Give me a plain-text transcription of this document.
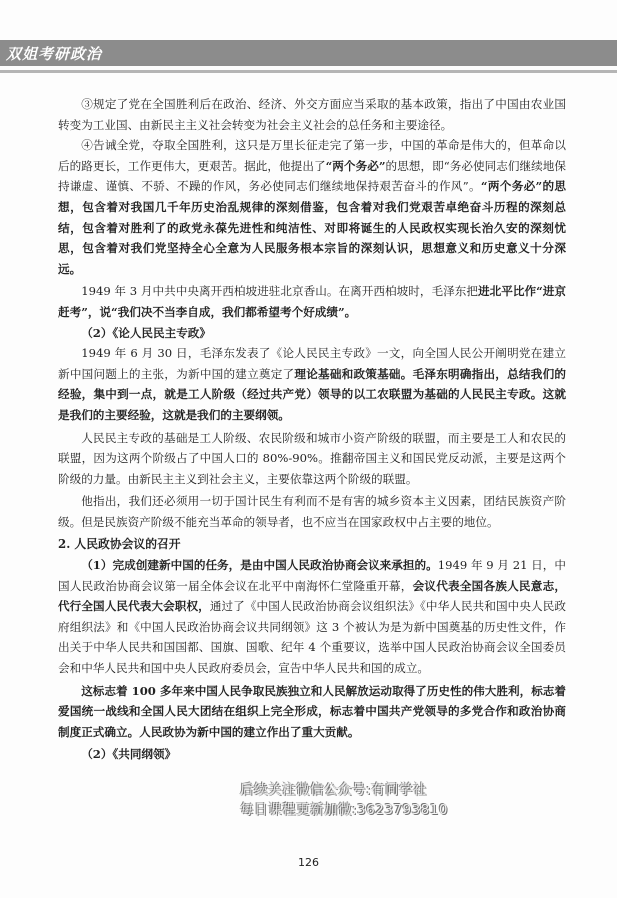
双姐考研政治

③规定了党在全国胜利后在政治、经济、外交方面应当采取的基本政策，指出了中国由农业国转变为工业国、由新民主主义社会转变为社会主义社会的总任务和主要途径。

④告诫全党，夺取全国胜利，这只是万里长征走完了第一步，中国的革命是伟大的，但革命以后的路更长，工作更伟大，更艰苦。据此，他提出了“两个务必”的思想，即“务必使同志们继续地保持谦虚、谨慎、不骄、不躁的作风，务必使同志们继续地保持艰苦奋斗的作风”。“两个务必”的思想，包含着对我国几千年历史治乱规律的深刻借鉴，包含着对我们党艰苦卓绝奋斗历程的深刻总结，包含着对胜利了的政党永葆先进性和纯洁性、对即将诞生的人民政权实现长治久安的深刻忧思，包含着对我们党坚持全心全意为人民服务根本宗旨的深刻认识，思想意义和历史意义十分深远。

1949 年 3 月中共中央离开西柏坡进驻北京香山。在离开西柏坡时，毛泽东把进北平比作“进京赶考”，说“我们决不当李自成，我们都希望考个好成绩”。

（2）《论人民民主专政》

1949 年 6 月 30 日，毛泽东发表了《论人民民主专政》一文，向全国人民公开阐明党在建立新中国问题上的主张，为新中国的建立奠定了理论基础和政策基础。毛泽东明确指出，总结我们的经验，集中到一点，就是工人阶级（经过共产党）领导的以工农联盟为基础的人民民主专政。这就是我们的主要经验，这就是我们的主要纲领。

人民民主专政的基础是工人阶级、农民阶级和城市小资产阶级的联盟，而主要是工人和农民的联盟，因为这两个阶级占了中国人口的 80%-90%。推翻帝国主义和国民党反动派，主要是这两个阶级的力量。由新民主主义到社会主义，主要依靠这两个阶级的联盟。

他指出，我们还必须用一切于国计民生有利而不是有害的城乡资本主义因素，团结民族资产阶级。但是民族资产阶级不能充当革命的领导者，也不应当在国家政权中占主要的地位。

2. 人民政协会议的召开

（1）完成创建新中国的任务，是由中国人民政治协商会议来承担的。1949 年 9 月 21 日，中国人民政治协商会议第一届全体会议在北平中南海怀仁堂隆重开幕，会议代表全国各族人民意志，代行全国人民代表大会职权，通过了《中国人民政治协商会议组织法》《中华人民共和国中央人民政府组织法》和《中国人民政治协商会议共同纲领》这 3 个被认为是为新中国奠基的历史性文件，作出关于中华人民共和国国都、国旗、国歌、纪年 4 个重要议，选举中国人民政治协商会议全国委员会和中华人民共和国中央人民政府委员会，宣告中华人民共和国的成立。

这标志着 100 多年来中国人民争取民族独立和人民解放运动取得了历史性的伟大胜利，标志着爱国统一战线和全国人民大团结在组织上完全形成，标志着中国共产党领导的多党合作和政治协商制度正式确立。人民政协为新中国的建立作出了重大贡献。

（2）《共同纲领》

后续关注微信公众号:有间学社
每日课程更新加微:3623793810
126
